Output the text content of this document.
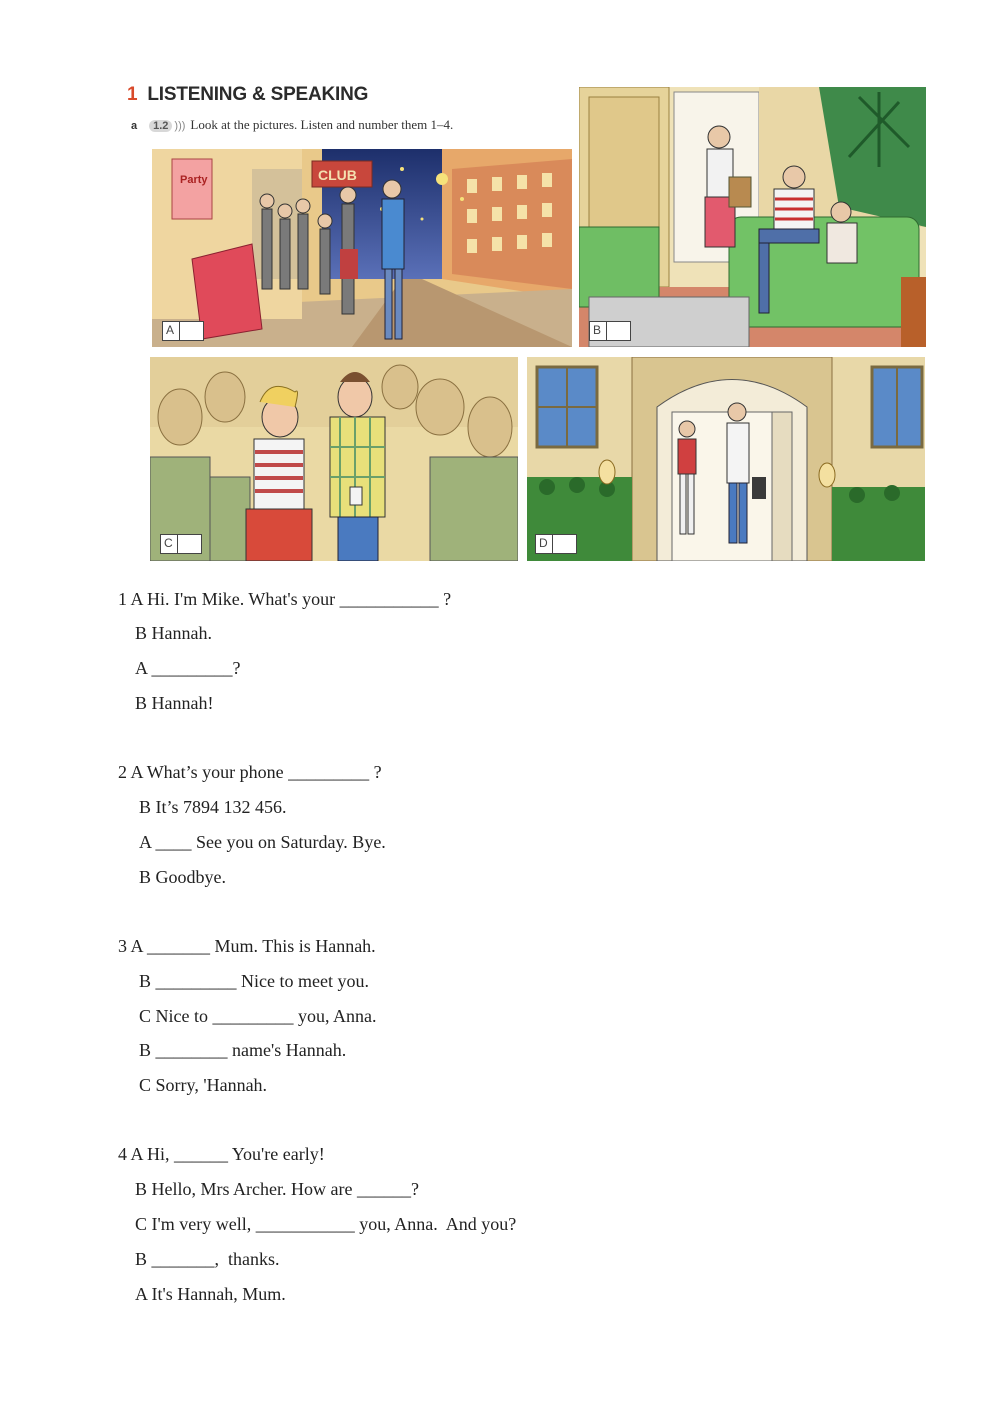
1 LISTENING & SPEAKING
a 1.2 ))) Look at the pictures. Listen and number them 1–4.
CLUB
Party
A	B
C	D
1 A Hi. I'm Mike. What's your ___________ ?
B Hannah.
A _________?
B Hannah!
2 A What’s your phone _________ ?
B It’s 7894 132 456.
A ____ See you on Saturday. Bye.
B Goodbye.
3 A _______ Mum. This is Hannah.
B _________ Nice to meet you.
C Nice to _________ you, Anna.
B ________ name's Hannah.
C Sorry, 'Hannah.
4 A Hi, ______ You're early!
B Hello, Mrs Archer. How are ______?
C I'm very well, ___________ you, Anna.  And you?
B _______,  thanks.
A It's Hannah, Mum.
